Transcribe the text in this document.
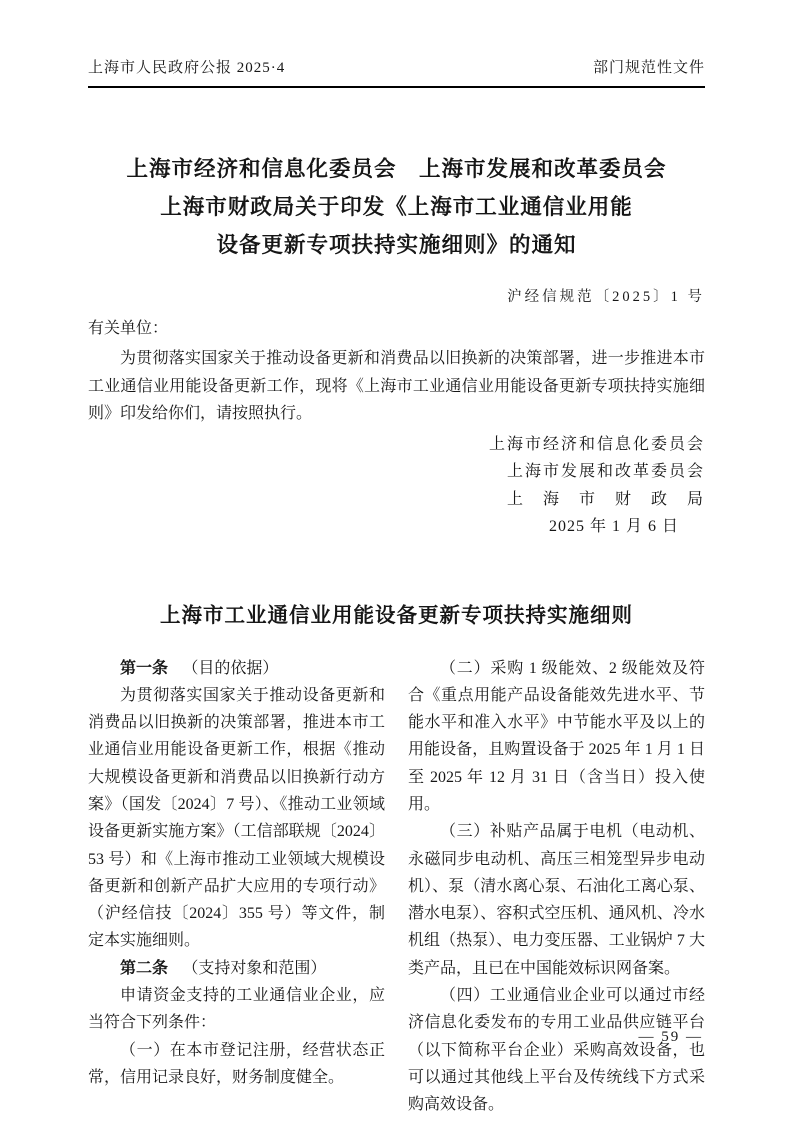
上海市人民政府公报 2025·4	部门规范性文件
上海市经济和信息化委员会　上海市发展和改革委员会
上海市财政局关于印发《上海市工业通信业用能
设备更新专项扶持实施细则》的通知
沪经信规范〔2025〕1 号
有关单位：

为贯彻落实国家关于推动设备更新和消费品以旧换新的决策部署，进一步推进本市工业通信业用能设备更新工作，现将《上海市工业通信业用能设备更新专项扶持实施细则》印发给你们，请按照执行。

上海市经济和信息化委员会
上海市发展和改革委员会
上　海　市　财　政　局
2025 年 1 月 6 日
上海市工业通信业用能设备更新专项扶持实施细则

第一条 （目的依据）

为贯彻落实国家关于推动设备更新和消费品以旧换新的决策部署，推进本市工业通信业用能设备更新工作，根据《推动大规模设备更新和消费品以旧换新行动方案》（国发〔2024〕7 号）、《推动工业领域设备更新实施方案》（工信部联规〔2024〕53 号）和《上海市推动工业领域大规模设备更新和创新产品扩大应用的专项行动》（沪经信技〔2024〕355 号）等文件，制定本实施细则。

第二条 （支持对象和范围）

申请资金支持的工业通信业企业，应当符合下列条件：

（一）在本市登记注册，经营状态正常，信用记录良好，财务制度健全。

（二）采购 1 级能效、2 级能效及符合《重点用能产品设备能效先进水平、节能水平和准入水平》中节能水平及以上的用能设备，且购置设备于 2025 年 1 月 1 日至 2025 年 12 月 31 日（含当日）投入使用。

（三）补贴产品属于电机（电动机、永磁同步电动机、高压三相笼型异步电动机）、泵（清水离心泵、石油化工离心泵、潜水电泵）、容积式空压机、通风机、冷水机组（热泵）、电力变压器、工业锅炉 7 大类产品，且已在中国能效标识网备案。

（四）工业通信业企业可以通过市经济信息化委发布的专用工业品供应链平台（以下简称平台企业）采购高效设备，也可以通过其他线上平台及传统线下方式采购高效设备。

— 59 —
